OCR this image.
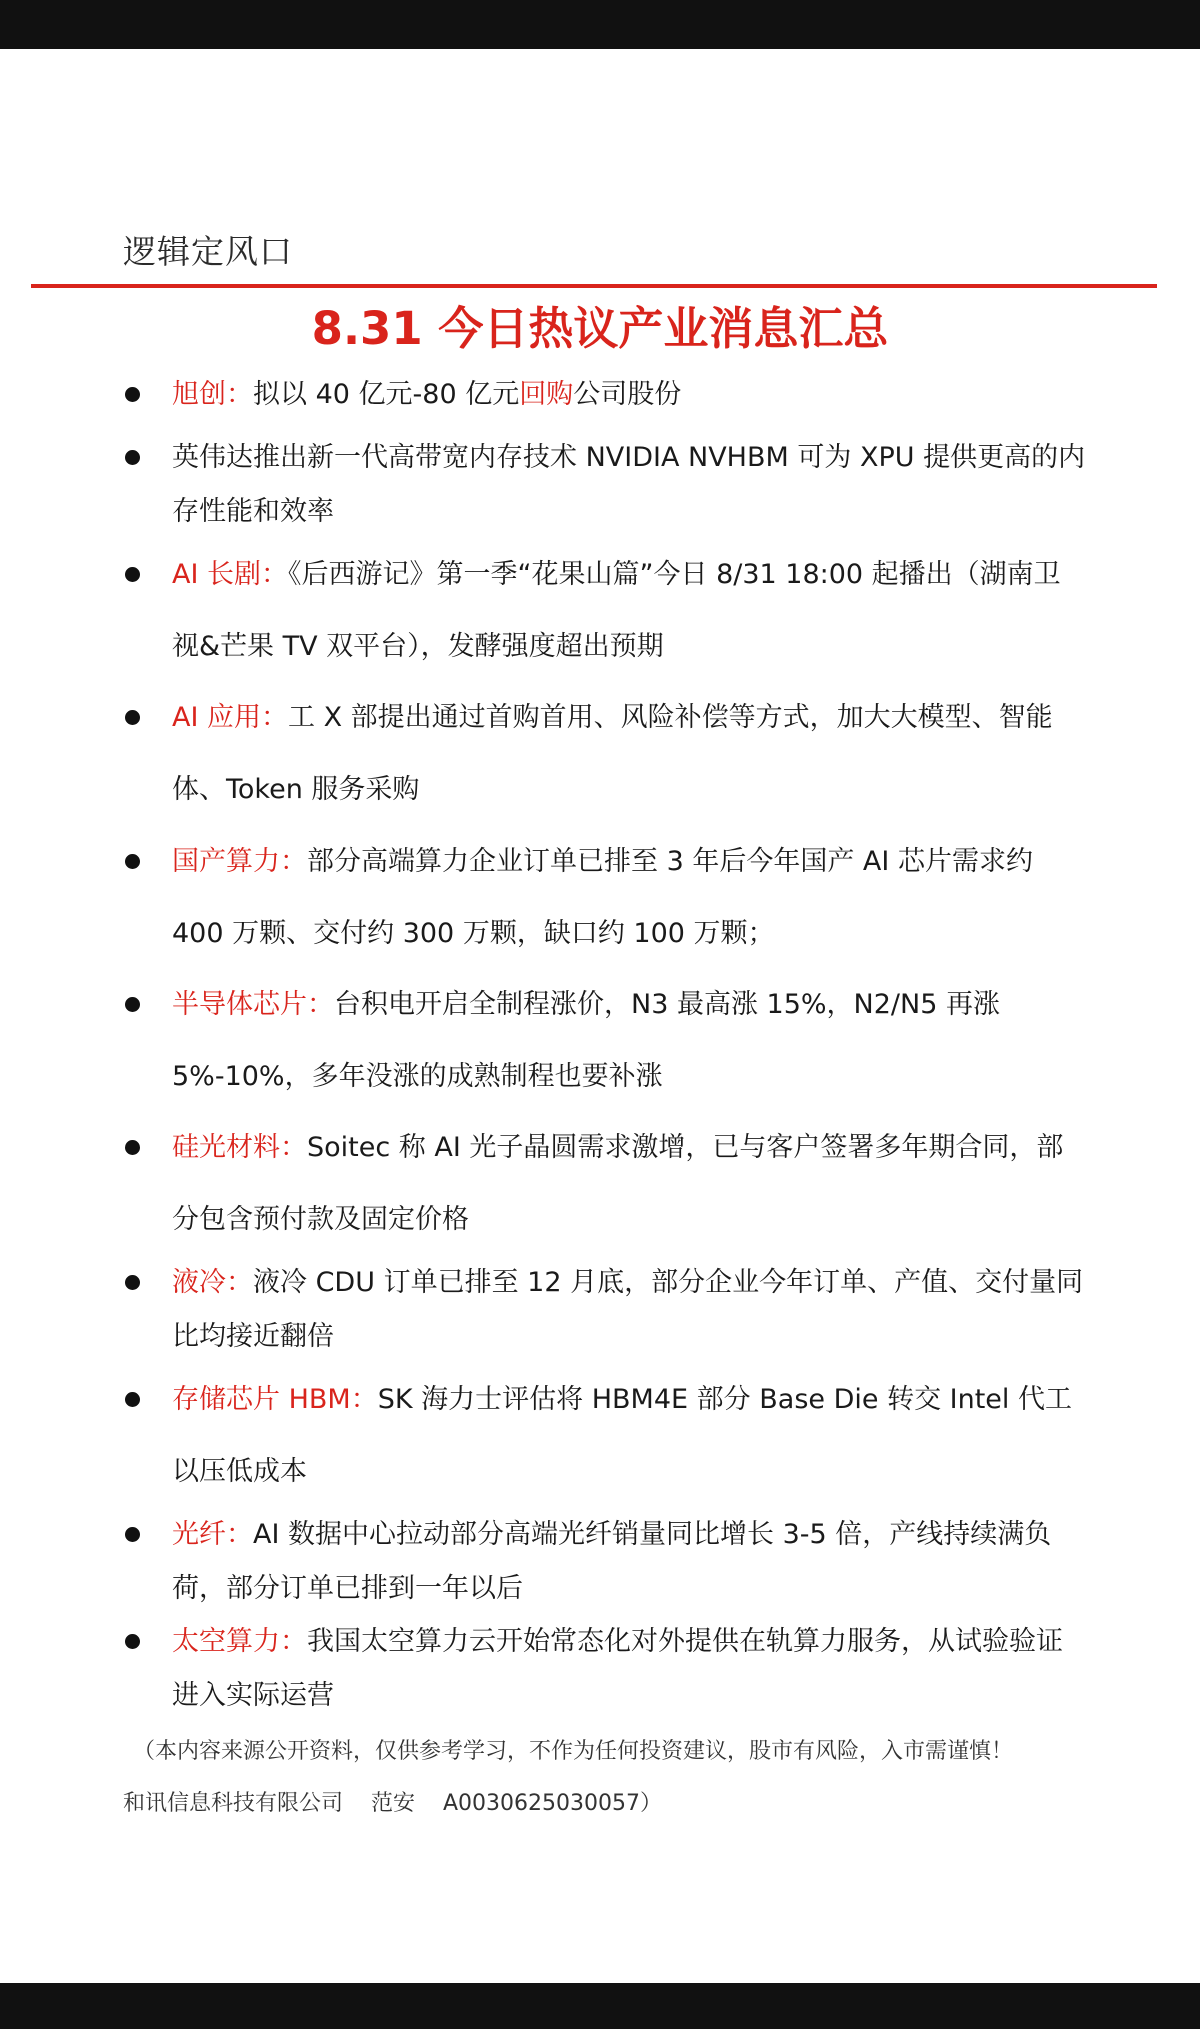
逻辑定风口
8.31 今日热议产业消息汇总
旭创：拟以 40 亿元-80 亿元回购公司股份
英伟达推出新一代高带宽内存技术 NVIDIA NVHBM 可为 XPU 提供更高的内存性能和效率
AI 长剧：《后西游记》第一季“花果山篇”今日 8/31 18:00 起播出（湖南卫视&芒果 TV 双平台），发酵强度超出预期
AI 应用：工 X 部提出通过首购首用、风险补偿等方式，加大大模型、智能体、Token 服务采购
国产算力：部分高端算力企业订单已排至 3 年后今年国产 AI 芯片需求约 400 万颗、交付约 300 万颗，缺口约 100 万颗；
半导体芯片：台积电开启全制程涨价，N3 最高涨 15%，N2/N5 再涨 5%-10%，多年没涨的成熟制程也要补涨
硅光材料：Soitec 称 AI 光子晶圆需求激增，已与客户签署多年期合同，部分包含预付款及固定价格
液冷：液冷 CDU 订单已排至 12 月底，部分企业今年订单、产值、交付量同比均接近翻倍
存储芯片 HBM：SK 海力士评估将 HBM4E 部分 Base Die 转交 Intel 代工以压低成本
光纤：AI 数据中心拉动部分高端光纤销量同比增长 3-5 倍，产线持续满负荷，部分订单已排到一年以后
太空算力：我国太空算力云开始常态化对外提供在轨算力服务，从试验验证进入实际运营
（本内容来源公开资料，仅供参考学习，不作为任何投资建议，股市有风险，入市需谨慎！
和讯信息科技有限公司    范安    A0030625030057）
